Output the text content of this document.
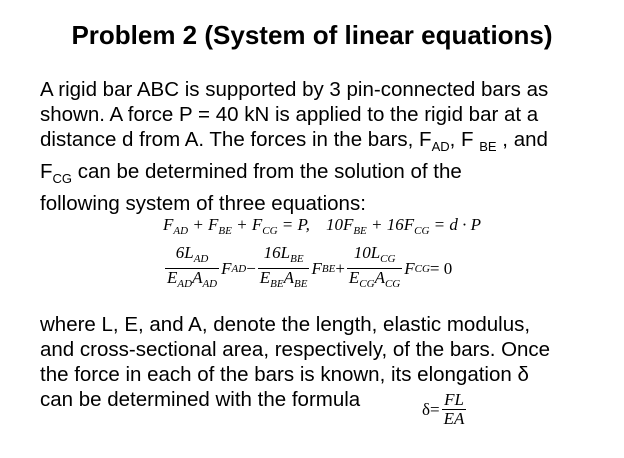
Problem 2 (System of linear equations)
A rigid bar ABC is supported by 3 pin-connected bars as
shown. A force P = 40 kN is applied to the rigid bar at a
distance d from A. The forces in the bars, $F_{AD}$, F $_{BE}$ , and
$F_{CG}$ can be determined from the solution of the
following system of three equations:
$F_{AD} + F_{BE} + F_{CG} = P$, $10F_{BE} + 16F_{CG} = d \cdot P$
$\frac{6L_{AD}}{E_{AD}A_{AD}}$ F AD − $\frac{16L_{BE}}{E_{BE}A_{BE}}$ F BE + $\frac{10L_{CG}}{E_{CG}A_{CG}}$ F CG = 0
where L, E, and A, denote the length, elastic modulus,
and cross-sectional area, respectively, of the bars. Once
the force in each of the bars is known, its elongation δ
can be determined with the formula	$\delta = \frac{FL}{EA}$
